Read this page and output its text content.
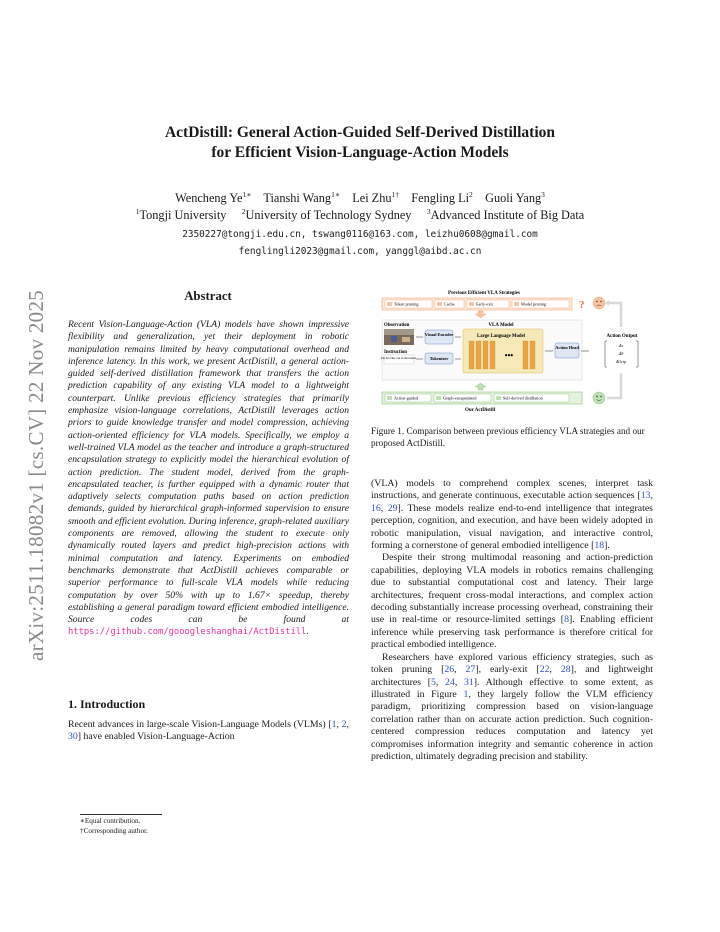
arXiv:2511.18082v1 [cs.CV] 22 Nov 2025
ActDistill: General Action-Guided Self-Derived Distillation
for Efficient Vision-Language-Action Models
Wencheng $Ye^{1∗}$ Tianshi Wang$^{1∗}$ Lei Zhu$^{1\dagger}$ Fengling Li$^2$ Guoli Yang$^3$
$^1$Tongji University $^2$University of Technology Sydney $^3$Advanced Institute of Big Data
2350227@tongji.edu.cn, tswang0116@163.com, leizhu0608@gmail.com
fenglingli2023@gmail.com, yanggl@aibd.ac.cn
Abstract
Recent Vision-Language-Action (VLA) models have shown impressive flexibility and generalization, yet their deployment in robotic manipulation remains limited by heavy computational overhead and inference latency. In this work, we present ActDistill, a general action-guided self-derived distillation framework that transfers the action prediction capability of any existing VLA model to a lightweight counterpart. Unlike previous efficiency strategies that primarily emphasize vision-language correlations, ActDistill leverages action priors to guide knowledge transfer and model compression, achieving action-oriented efficiency for VLA models. Specifically, we employ a well-trained VLA model as the teacher and introduce a graph-structured encapsulation strategy to explicitly model the hierarchical evolution of action prediction. The student model, derived from the graph-encapsulated teacher, is further equipped with a dynamic router that adaptively selects computation paths based on action prediction demands, guided by hierarchical graph-informed supervision to ensure smooth and efficient evolution. During inference, graph-related auxiliary components are removed, allowing the student to execute only dynamically routed layers and predict high-precision actions with minimal computation and latency. Experiments on embodied benchmarks demonstrate that ActDistill achieves comparable or superior performance to full-scale VLA models while reducing computation by over 50% with up to 1.67× speedup, thereby establishing a general paradigm toward efficient embodied intelligence. Source codes can be found at https://github.com/gooogleshanghai/ActDistill.
1. Introduction
Recent advances in large-scale Vision-Language Models (VLMs) [1, 2, 30] have enabled Vision-Language-Action
∗Equal contribution.
†Corresponding author.
Previous Efficient VLA Strategies
Token pruning	Cache	Early-exit	Model pruning	?
VLA Model
Observation
Instruction
Put the blue can in the basket.
Visual Encoder
Tokenizer
Large Language Model
•••
Action Head
Action Output
Δx
Δθ
ΔGrip
Action-guided	Graph-encapsulated	Self-derived distillation
Our ActDistill
Figure 1. Comparison between previous efficiency VLA strategies and our proposed ActDistill.

(VLA) models to comprehend complex scenes, interpret task instructions, and generate continuous, executable action sequences [13, 16, 29]. These models realize end-to-end intelligence that integrates perception, cognition, and execution, and have been widely adopted in robotic manipulation, visual navigation, and interactive control, forming a cornerstone of general embodied intelligence [18].

Despite their strong multimodal reasoning and action-prediction capabilities, deploying VLA models in robotics remains challenging due to substantial computational cost and latency. Their large architectures, frequent cross-modal interactions, and complex action decoding substantially increase processing overhead, constraining their use in real-time or resource-limited settings [8]. Enabling efficient inference while preserving task performance is therefore critical for practical embodied intelligence.

Researchers have explored various efficiency strategies, such as token pruning [26, 27], early-exit [22, 28], and lightweight architectures [5, 24, 31]. Although effective to some extent, as illustrated in Figure 1, they largely follow the VLM efficiency paradigm, prioritizing compression based on vision-language correlation rather than on accurate action prediction. Such cognition-centered compression reduces computation and latency yet compromises information integrity and semantic coherence in action prediction, ultimately degrading precision and stability.
